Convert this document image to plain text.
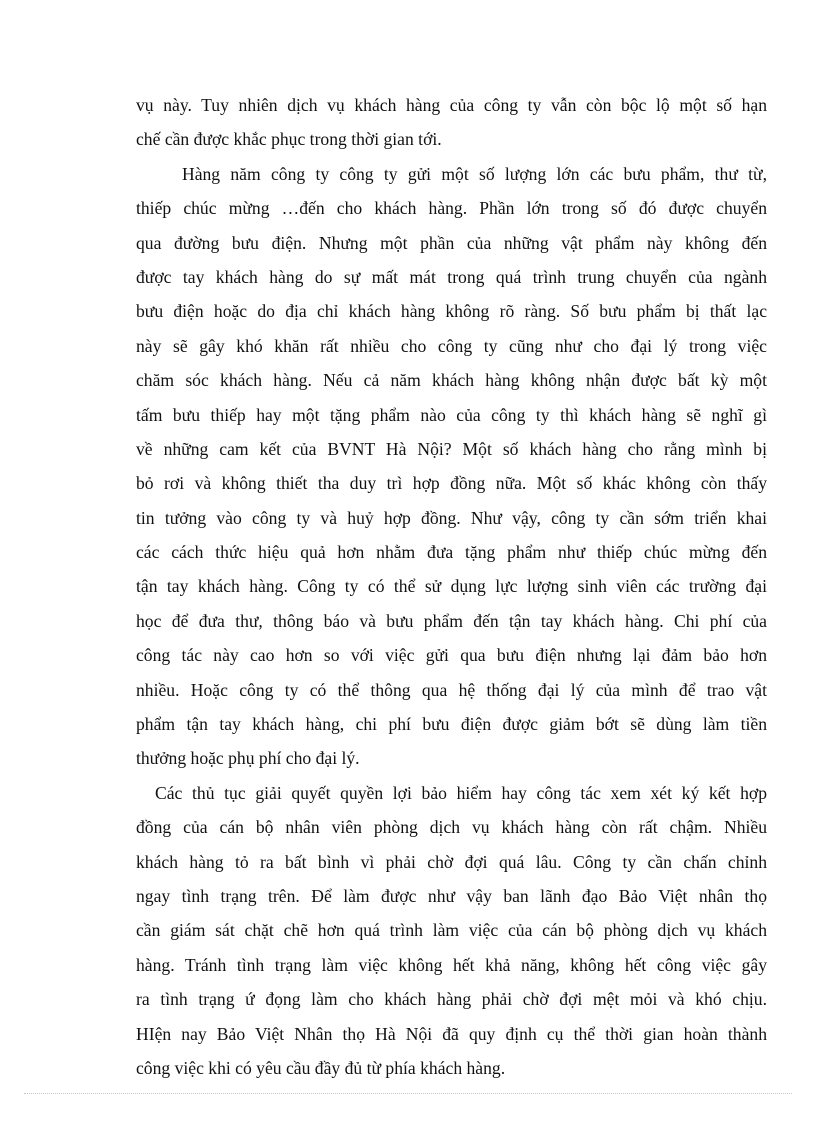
vụ này. Tuy nhiên dịch vụ khách hàng của công ty vẫn còn bộc lộ một số hạn
chế cần được khắc phục trong thời gian tới.
Hàng năm công ty công ty gửi một số lượng lớn các bưu phẩm, thư từ,
thiếp chúc mừng …đến cho khách hàng. Phần lớn trong số đó được chuyển
qua đường bưu điện. Nhưng một phần của những vật phẩm này không đến
được tay khách hàng do sự mất mát trong quá trình trung chuyển của ngành
bưu điện hoặc do địa chỉ khách hàng không rõ ràng. Số bưu phẩm bị thất lạc
này sẽ gây khó khăn rất nhiều cho công ty cũng như cho đại lý trong việc
chăm sóc khách hàng. Nếu cả năm khách hàng không nhận được bất kỳ một
tấm bưu thiếp hay một tặng phẩm nào của công ty thì khách hàng sẽ nghĩ gì
về những cam kết của BVNT Hà Nội? Một số khách hàng cho rằng mình bị
bỏ rơi và không thiết tha duy trì hợp đồng nữa. Một số khác không còn thấy
tin tưởng vào công ty và huỷ hợp đồng. Như vậy, công ty cần sớm triển khai
các cách thức hiệu quả hơn nhằm đưa tặng phẩm như thiếp chúc mừng đến
tận tay khách hàng. Công ty có thể sử dụng lực lượng sinh viên các trường đại
học để đưa thư, thông báo và bưu phẩm đến tận tay khách hàng. Chi phí của
công tác này cao hơn so với việc gửi qua bưu điện nhưng lại đảm bảo hơn
nhiều. Hoặc công ty có thể thông qua hệ thống đại lý của mình để trao vật
phẩm tận tay khách hàng, chi phí bưu điện được giảm bớt sẽ dùng làm tiền
thưởng hoặc phụ phí cho đại lý.
Các thủ tục giải quyết quyền lợi bảo hiểm hay công tác xem xét ký kết hợp
đồng của cán bộ nhân viên phòng dịch vụ khách hàng còn rất chậm. Nhiều
khách hàng tỏ ra bất bình vì phải chờ đợi quá lâu. Công ty cần chấn chỉnh
ngay tình trạng trên. Để làm được như vậy ban lãnh đạo Bảo Việt nhân thọ
cần giám sát chặt chẽ hơn quá trình làm việc của cán bộ phòng dịch vụ khách
hàng. Tránh tình trạng làm việc không hết khả năng, không hết công việc gây
ra tình trạng ứ đọng làm cho khách hàng phải chờ đợi mệt mỏi và khó chịu.
HIện nay Bảo Việt Nhân thọ Hà Nội đã quy định cụ thể thời gian hoàn thành
công việc khi có yêu cầu đầy đủ từ phía khách hàng.
